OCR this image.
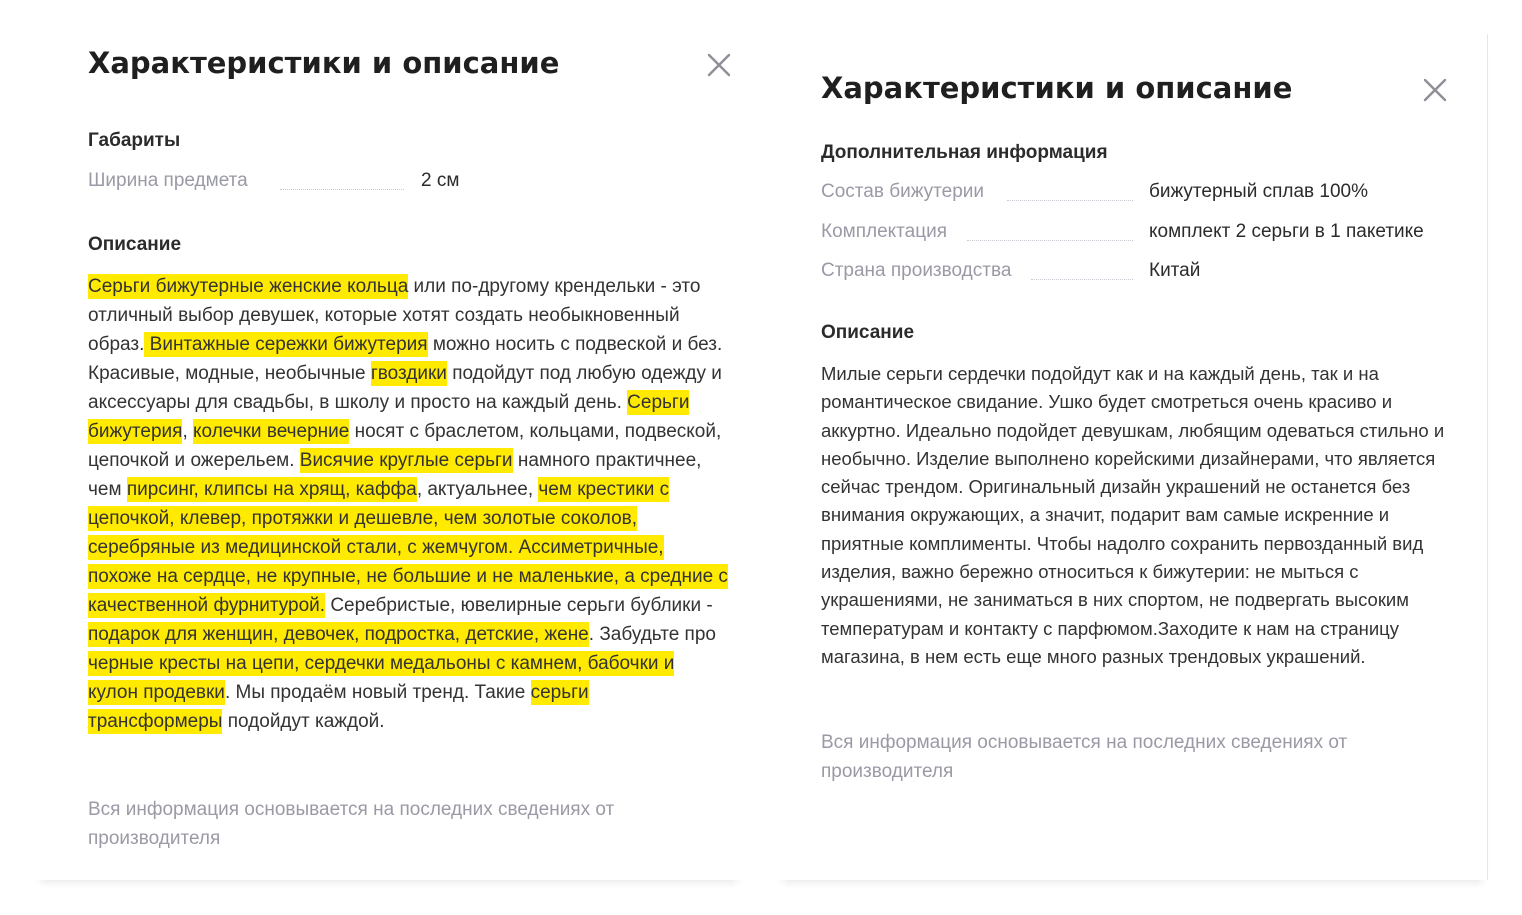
Характеристики и описание
Габариты
Ширина предмета	2 см
Описание

Серьги бижутерные женские кольца или по-другому крендельки - это отличный выбор девушек, которые хотят создать необыкновенный образ. Винтажные сережки бижутерия можно носить с подвеской и без. Красивые, модные, необычные гвоздики подойдут под любую одежду и аксессуары для свадьбы, в школу и просто на каждый день. Серьги бижутерия, колечки вечерние носят с браслетом, кольцами, подвеской, цепочкой и ожерельем. Висячие круглые серьги намного практичнее, чем пирсинг, клипсы на хрящ, каффа, актуальнее, чем крестики с цепочкой, клевер, протяжки и дешевле, чем золотые соколов, серебряные из медицинской стали, с жемчугом. Ассиметричные, похоже на сердце, не крупные, не большие и не маленькие, а средние с качественной фурнитурой. Серебристые, ювелирные серьги бублики - подарок для женщин, девочек, подростка, детские, жене. Забудьте про черные кресты на цепи, сердечки медальоны с камнем, бабочки и кулон продевки. Мы продаём новый тренд. Такие серьги трансформеры подойдут каждой.

Вся информация основывается на последних сведениях от производителя

Характеристики и описание
Дополнительная информация
Состав бижутерии	бижутерный сплав 100%
Комплектация	комплект 2 серьги в 1 пакетике
Страна производства	Китай
Описание

Милые серьги сердечки подойдут как и на каждый день, так и на романтическое свидание. Ушко будет смотреться очень красиво и аккуртно. Идеально подойдет девушкам, любящим одеваться стильно и необычно. Изделие выполнено корейскими дизайнерами, что является сейчас трендом. Оригинальный дизайн украшений не останется без внимания окружающих, а значит, подарит вам самые искренние и приятные комплименты. Чтобы надолго сохранить первозданный вид изделия, важно бережно относиться к бижутерии: не мыться с украшениями, не заниматься в них спортом, не подвергать высоким температурам и контакту с парфюмом.Заходите к нам на страницу магазина, в нем есть еще много разных трендовых украшений.

Вся информация основывается на последних сведениях от производителя
